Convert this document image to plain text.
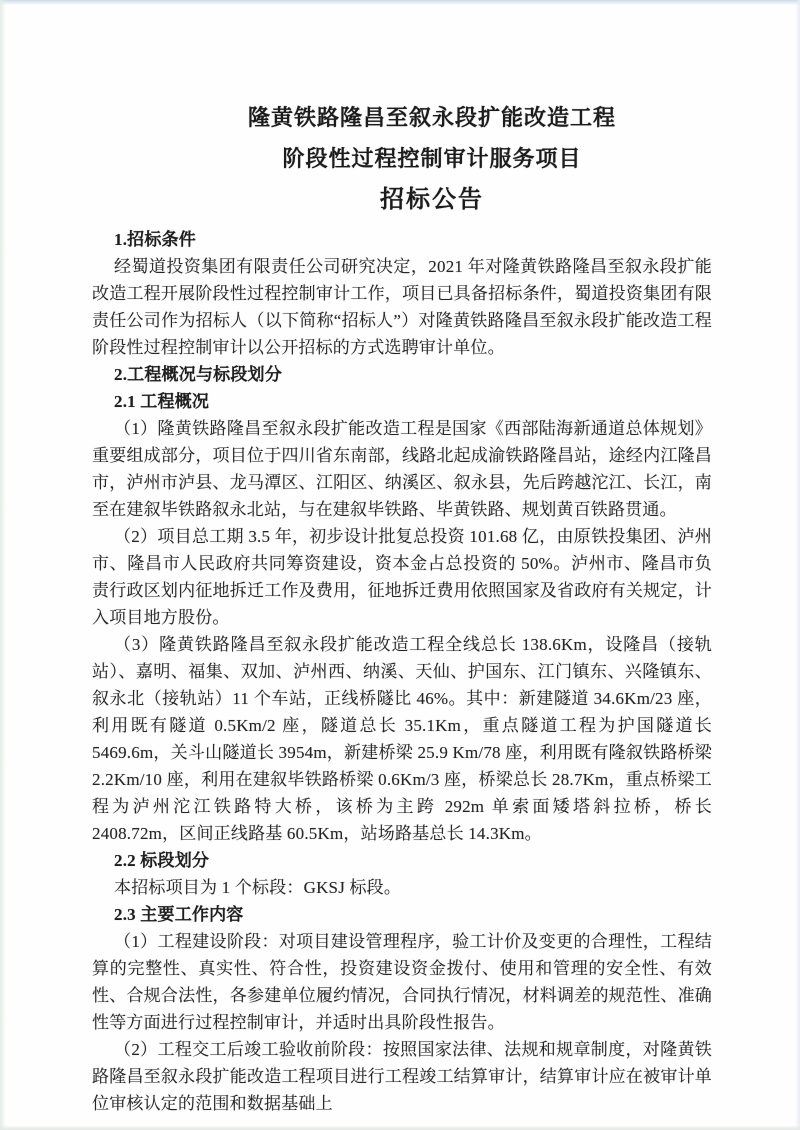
隆黄铁路隆昌至叙永段扩能改造工程
阶段性过程控制审计服务项目
招标公告

1.招标条件

经蜀道投资集团有限责任公司研究决定，2021 年对隆黄铁路隆昌至叙永段扩能改造工程开展阶段性过程控制审计工作，项目已具备招标条件，蜀道投资集团有限责任公司作为招标人（以下简称“招标人”）对隆黄铁路隆昌至叙永段扩能改造工程阶段性过程控制审计以公开招标的方式选聘审计单位。

2.工程概况与标段划分

2.1 工程概况

（1）隆黄铁路隆昌至叙永段扩能改造工程是国家《西部陆海新通道总体规划》重要组成部分，项目位于四川省东南部，线路北起成渝铁路隆昌站，途经内江隆昌市，泸州市泸县、龙马潭区、江阳区、纳溪区、叙永县，先后跨越沱江、长江，南至在建叙毕铁路叙永北站，与在建叙毕铁路、毕黄铁路、规划黄百铁路贯通。

（2）项目总工期 3.5 年，初步设计批复总投资 101.68 亿，由原铁投集团、泸州市、隆昌市人民政府共同筹资建设，资本金占总投资的 50%。泸州市、隆昌市负责行政区划内征地拆迁工作及费用，征地拆迁费用依照国家及省政府有关规定，计入项目地方股份。

（3）隆黄铁路隆昌至叙永段扩能改造工程全线总长 138.6Km，设隆昌（接轨站）、嘉明、福集、双加、泸州西、纳溪、天仙、护国东、江门镇东、兴隆镇东、叙永北（接轨站）11 个车站，正线桥隧比 46%。其中：新建隧道 34.6Km/23 座，利用既有隧道 0.5Km/2 座，隧道总长 35.1Km，重点隧道工程为护国隧道长 5469.6m，关斗山隧道长 3954m，新建桥梁 25.9 Km/78 座，利用既有隆叙铁路桥梁 2.2Km/10 座，利用在建叙毕铁路桥梁 0.6Km/3 座，桥梁总长 28.7Km，重点桥梁工程为泸州沱江铁路特大桥，该桥为主跨 292m 单索面矮塔斜拉桥，桥长 2408.72m，区间正线路基 60.5Km，站场路基总长 14.3Km。

2.2 标段划分

本招标项目为 1 个标段：GKSJ 标段。

2.3 主要工作内容

（1）工程建设阶段：对项目建设管理程序，验工计价及变更的合理性，工程结算的完整性、真实性、符合性，投资建设资金拨付、使用和管理的安全性、有效性、合规合法性，各参建单位履约情况，合同执行情况，材料调差的规范性、准确性等方面进行过程控制审计，并适时出具阶段性报告。

（2）工程交工后竣工验收前阶段：按照国家法律、法规和规章制度，对隆黄铁路隆昌至叙永段扩能改造工程项目进行工程竣工结算审计，结算审计应在被审计单位审核认定的范围和数据基础上
